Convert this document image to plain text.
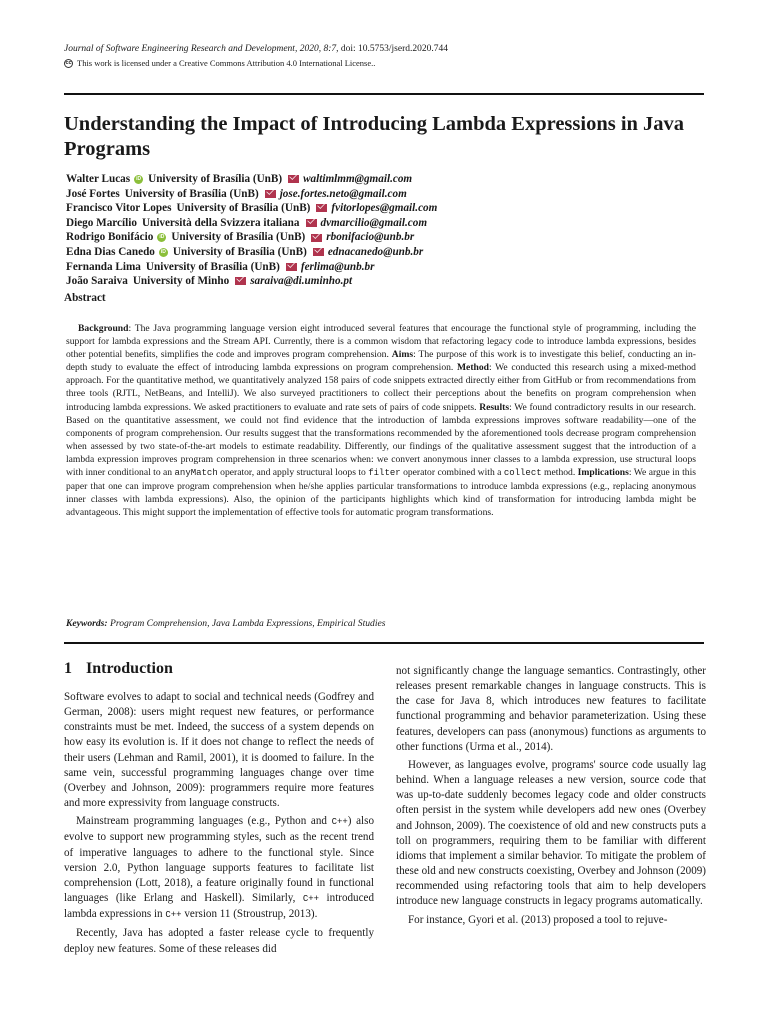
Journal of Software Engineering Research and Development, 2020, 8:7, doi: 10.5753/jserd.2020.744
cc This work is licensed under a Creative Commons Attribution 4.0 International License..
Understanding the Impact of Introducing Lambda Expressions in Java Programs
Walter Lucas	iD University of Brasília (UnB) waltimlmm@gmail.com
José Fortes University of Brasília (UnB) jose.fortes.neto@gmail.com
Francisco Vitor Lopes University of Brasília (UnB) fvitorlopes@gmail.com
Diego Marcílio Università della Svizzera italiana dvmarcilio@gmail.com
Rodrigo Bonifácio	iD University of Brasília (UnB) rbonifacio@unb.br
Edna Dias Canedo	iD University of Brasília (UnB) ednacanedo@unb.br
Fernanda Lima University of Brasília (UnB) ferlima@unb.br
João Saraiva University of Minho saraiva@di.uminho.pt
Abstract
Background: The Java programming language version eight introduced several features that encourage the functional style of programming, including the support for lambda expressions and the Stream API. Currently, there is a common wisdom that refactoring legacy code to introduce lambda expressions, besides other potential benefits, simplifies the code and improves program comprehension. Aims: The purpose of this work is to investigate this belief, conducting an in-depth study to evaluate the effect of introducing lambda expressions on program comprehension. Method: We conducted this research using a mixed-method approach. For the quantitative method, we quantitatively analyzed 158 pairs of code snippets extracted directly either from GitHub or from recommendations from three tools (RJTL, NetBeans, and IntelliJ). We also surveyed practitioners to collect their perceptions about the benefits on program comprehension when introducing lambda expressions. We asked practitioners to evaluate and rate sets of pairs of code snippets. Results: We found contradictory results in our research. Based on the quantitative assessment, we could not find evidence that the introduction of lambda expressions improves software readability—one of the components of program comprehension. Our results suggest that the transformations recommended by the aforementioned tools decrease program comprehension when assessed by two state-of-the-art models to estimate readability. Differently, our findings of the qualitative assessment suggest that the introduction of a lambda expression improves program comprehension in three scenarios when: we convert anonymous inner classes to a lambda expression, use structural loops with inner conditional to an anyMatch operator, and apply structural loops to filter operator combined with a collect method. Implications: We argue in this paper that one can improve program comprehension when he/she applies particular transformations to introduce lambda expressions (e.g., replacing anonymous inner classes with lambda expressions). Also, the opinion of the participants highlights which kind of transformation for introducing lambda might be advantageous. This might support the implementation of effective tools for automatic program transformations.
Keywords: Program Comprehension, Java Lambda Expressions, Empirical Studies
1 Introduction

Software evolves to adapt to social and technical needs (Godfrey and German, 2008): users might request new features, or performance constraints must be met. Indeed, the success of a system depends on how easy its evolution is. If it does not change to reflect the needs of their users (Lehman and Ramil, 2001), it is doomed to failure. In the same vein, successful programming languages change over time (Overbey and Johnson, 2009): programmers require more features and more expressivity from language constructs.

Mainstream programming languages (e.g., Python and C++) also evolve to support new programming styles, such as the recent trend of imperative languages to adhere to the functional style. Since version 2.0, Python language supports features to facilitate list comprehension (Lott, 2018), a feature originally found in functional languages (like Erlang and Haskell). Similarly, C++ introduced lambda expressions in C++ version 11 (Stroustrup, 2013).

Recently, Java has adopted a faster release cycle to frequently deploy new features. Some of these releases did

not significantly change the language semantics. Contrastingly, other releases present remarkable changes in language constructs. This is the case for Java 8, which introduces new features to facilitate functional programming and behavior parameterization. Using these features, developers can pass (anonymous) functions as arguments to other functions (Urma et al., 2014).

However, as languages evolve, programs' source code usually lag behind. When a language releases a new version, source code that was up-to-date suddenly becomes legacy code and older constructs often persist in the system while developers add new ones (Overbey and Johnson, 2009). The coexistence of old and new constructs puts a toll on programmers, requiring them to be familiar with different idioms that implement a similar behavior. To mitigate the problem of these old and new constructs coexisting, Overbey and Johnson (2009) recommended using refactoring tools that aim to help developers introduce new language constructs in legacy programs automatically.

For instance, Gyori et al. (2013) proposed a tool to rejuve-
